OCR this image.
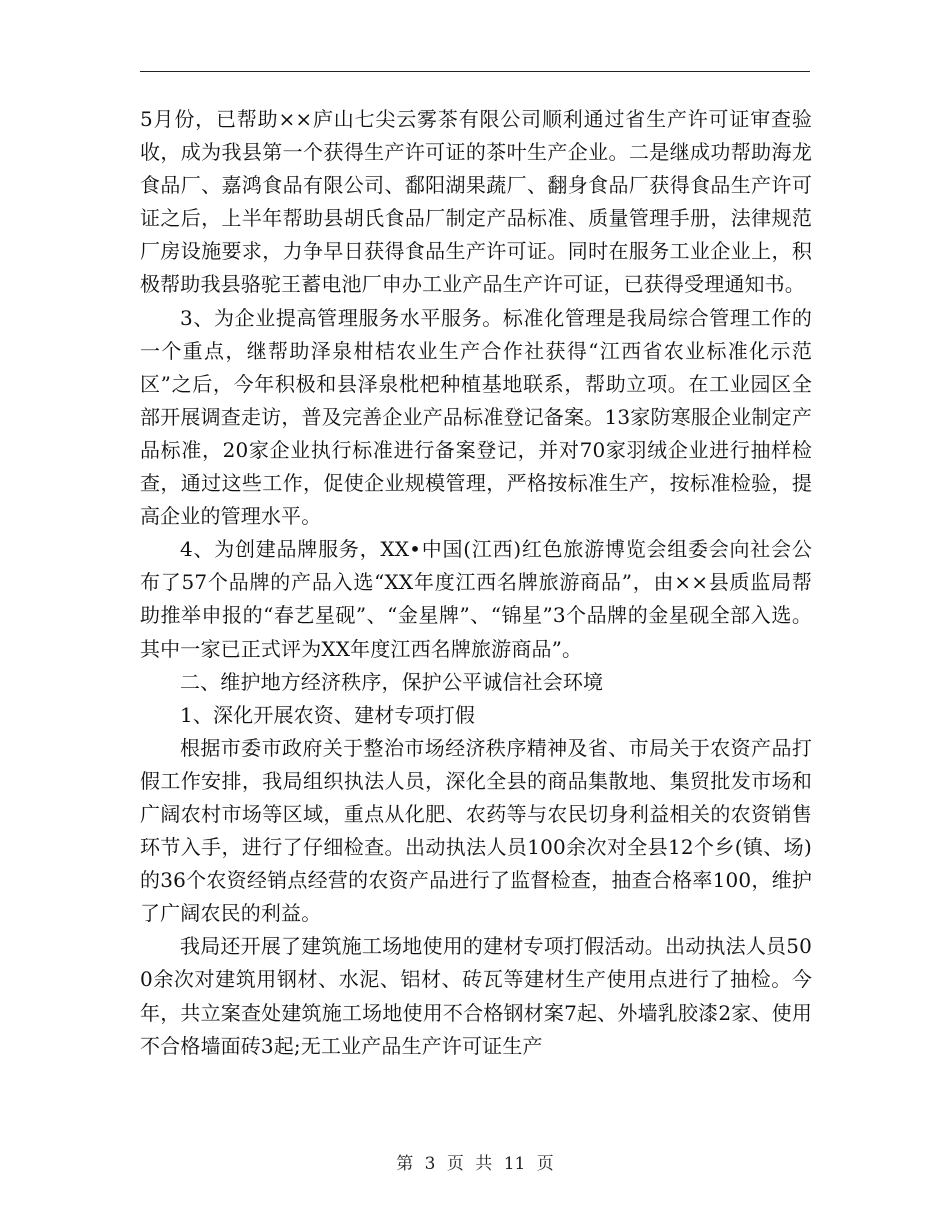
5月份，已帮助××庐山七尖云雾茶有限公司顺利通过省生产许可证审查验收，成为我县第一个获得生产许可证的茶叶生产企业。二是继成功帮助海龙食品厂、嘉鸿食品有限公司、鄱阳湖果蔬厂、翻身食品厂获得食品生产许可证之后，上半年帮助县胡氏食品厂制定产品标准、质量管理手册，法律规范厂房设施要求，力争早日获得食品生产许可证。同时在服务工业企业上，积极帮助我县骆驼王蓄电池厂申办工业产品生产许可证，已获得受理通知书。

3、为企业提高管理服务水平服务。标准化管理是我局综合管理工作的一个重点，继帮助泽泉柑桔农业生产合作社获得“江西省农业标准化示范区”之后，今年积极和县泽泉枇杷种植基地联系，帮助立项。在工业园区全部开展调查走访，普及完善企业产品标准登记备案。13家防寒服企业制定产品标准，20家企业执行标准进行备案登记，并对70家羽绒企业进行抽样检查，通过这些工作，促使企业规模管理，严格按标准生产，按标准检验，提高企业的管理水平。

4、为创建品牌服务，XX•中国(江西)红色旅游博览会组委会向社会公布了57个品牌的产品入选“XX年度江西名牌旅游商品”，由××县质监局帮助推举申报的“春艺星砚”、“金星牌”、“锦星”3个品牌的金星砚全部入选。其中一家已正式评为XX年度江西名牌旅游商品”。

二、维护地方经济秩序，保护公平诚信社会环境

1、深化开展农资、建材专项打假

根据市委市政府关于整治市场经济秩序精神及省、市局关于农资产品打假工作安排，我局组织执法人员，深化全县的商品集散地、集贸批发市场和广阔农村市场等区域，重点从化肥、农药等与农民切身利益相关的农资销售环节入手，进行了仔细检查。出动执法人员100余次对全县12个乡(镇、场)的36个农资经销点经营的农资产品进行了监督检查，抽查合格率100，维护了广阔农民的利益。

我局还开展了建筑施工场地使用的建材专项打假活动。出动执法人员500余次对建筑用钢材、水泥、铝材、砖瓦等建材生产使用点进行了抽检。今年，共立案查处建筑施工场地使用不合格钢材案7起、外墙乳胶漆2家、使用不合格墙面砖3起;无工业产品生产许可证生产

第 3 页 共 11 页
